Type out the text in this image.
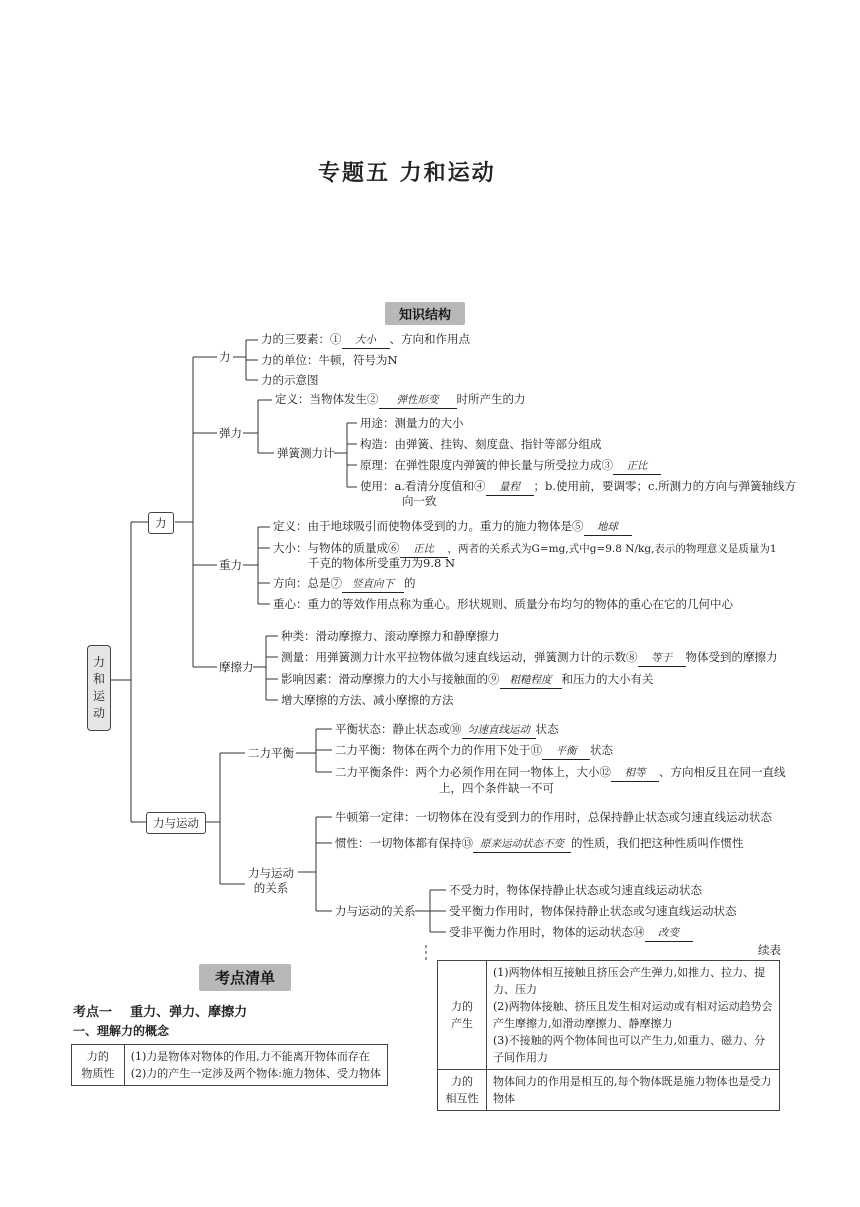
专题五 力和运动
知识结构
力和运动
力
力
力的三要素：① 大小 、方向和作用点
力的单位：牛顿，符号为N
力的示意图
弹力
定义：当物体发生② 弹性形变 时所产生的力
弹簧测力计
用途：测量力的大小
构造：由弹簧、挂钩、刻度盘、指针等部分组成
原理：在弹性限度内弹簧的伸长量与所受拉力成③ 正比
使用：a.看清分度值和④ 量程 ；b.使用前，要调零；c.所测力的方向与弹簧轴线方
向一致
重力
定义：由于地球吸引而使物体受到的力。重力的施力物体是⑤ 地球
大小：与物体的质量成⑥ 正比 ，两者的关系式为G=mg,式中g=9.8 N/kg,表示的物理意义是质量为1
千克的物体所受重力为9.8 N
方向：总是⑦ 竖直向下 的
重心：重力的等效作用点称为重心。形状规则、质量分布均匀的物体的重心在它的几何中心
摩擦力
种类：滑动摩擦力、滚动摩擦力和静摩擦力
测量：用弹簧测力计水平拉物体做匀速直线运动，弹簧测力计的示数⑧ 等于 物体受到的摩擦力
影响因素：滑动摩擦力的大小与接触面的⑨ 粗糙程度 和压力的大小有关
增大摩擦的方法、减小摩擦的方法
力与运动
二力平衡
平衡状态：静止状态或⑩ 匀速直线运动 状态
二力平衡：物体在两个力的作用下处于⑪ 平衡 状态
二力平衡条件：两个力必须作用在同一物体上，大小⑫ 相等 、方向相反且在同一直线
上，四个条件缺一不可
力与运动
的关系
牛顿第一定律：一切物体在没有受到力的作用时，总保持静止状态或匀速直线运动状态
惯性：一切物体都有保持⑬ 原来运动状态不变 的性质，我们把这种性质叫作惯性
力与运动的关系
不受力时，物体保持静止状态或匀速直线运动状态
受平衡力作用时，物体保持静止状态或匀速直线运动状态
受非平衡力作用时，物体的运动状态⑭ 改变
考点清单
考点一    重力、弹力、摩擦力
一、理解力的概念
力的
物质性	(1)力是物体对物体的作用,力不能离开物体而存在
(2)力的产生一定涉及两个物体:施力物体、受力物体
续表
力的
产生	(1)两物体相互接触且挤压会产生弹力,如推力、拉力、提力、压力
(2)两物体接触、挤压且发生相对运动或有相对运动趋势会产生摩擦力,如滑动摩擦力、静摩擦力
(3)不接触的两个物体间也可以产生力,如重力、磁力、分子间作用力
力的
相互性	物体间力的作用是相互的,每个物体既是施力物体也是受力物体
